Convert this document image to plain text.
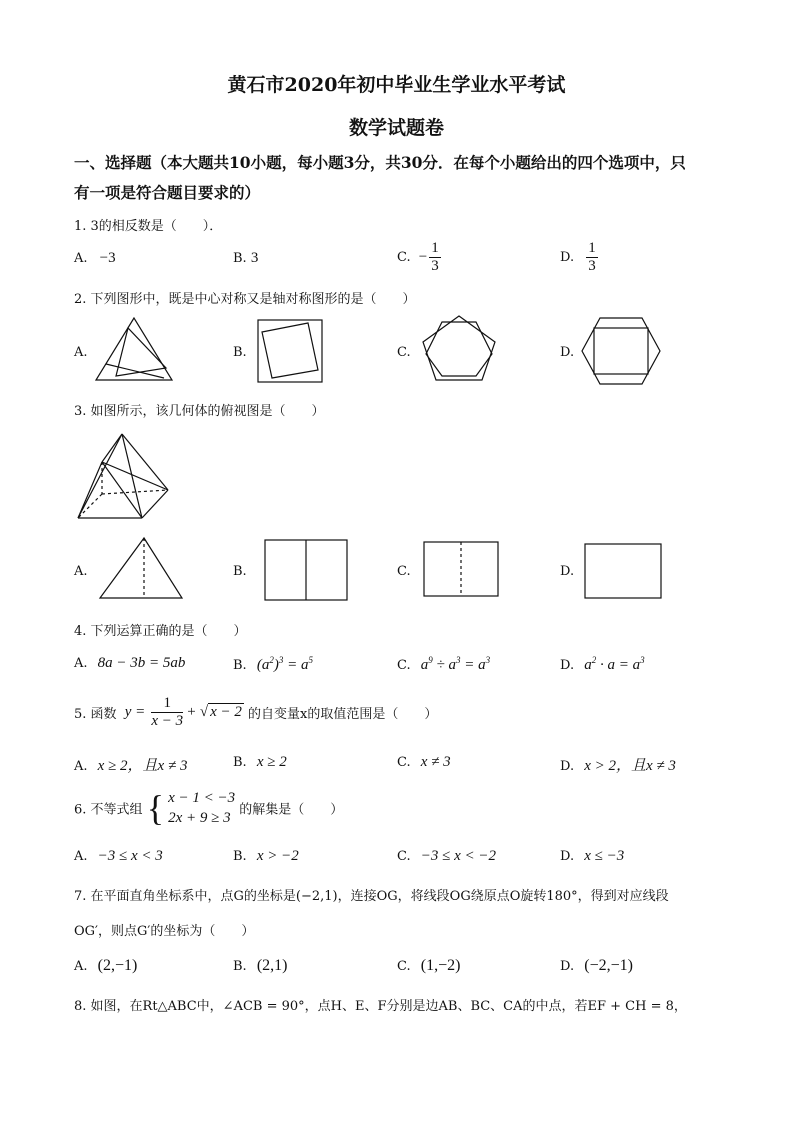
黄石市2020年初中毕业生学业水平考试
数学试题卷
一、选择题（本大题共10小题，每小题3分，共30分．在每个小题给出的四个选项中，只
有一项是符合题目要求的）
1. 3的相反数是（　　）．
A. −3	B. 3	C. − $\frac{1}{3}$	D. $\frac{1}{3}$
2. 下列图形中，既是中心对称又是轴对称图形的是（　　）
A.	B.	C.	D.
3. 如图所示，该几何体的俯视图是（　　）
A.	B.	C.	D.
4. 下列运算正确的是（　　）
A. 8a − 3b = 5ab	B. $(a^2)^3 = a^5$	C. $a^9 \div a^3 = a^3$	D. $a^2 \cdot a = a^3$
5. 函数 $y = \frac{1}{x - 3}$ + √ x − 2 的自变量x的取值范围是（　　）
A. x ≥ 2，且x ≠ 3	B. x ≥ 2	C. x ≠ 3	D. x > 2，且x ≠ 3
6. 不等式组 { x − 1 < −3
2x + 9 ≥ 3 的解集是（　　）
A. −3 ≤ x < 3	B. x > −2	C. −3 ≤ x < −2	D. x ≤ −3
7. 在平面直角坐标系中，点G的坐标是(−2,1)，连接OG，将线段OG绕原点O旋转180°，得到对应线段
OG′，则点G′的坐标为（　　）
A. (2,−1)	B. (2,1)	C. (1,−2)	D. (−2,−1)
8. 如图，在Rt△ABC中，∠ACB = 90°，点H、E、F分别是边AB、BC、CA的中点，若EF + CH = 8，
